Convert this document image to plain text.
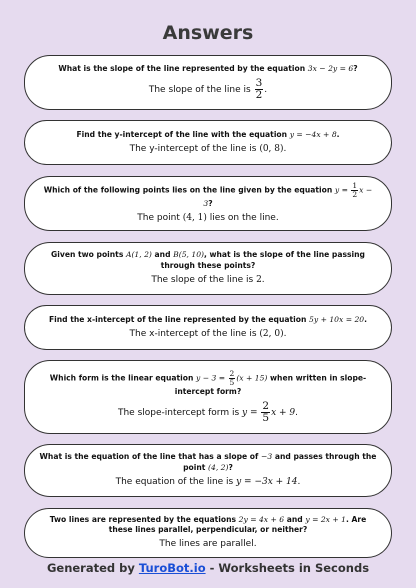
Answers
What is the slope of the line represented by the equation 3x − 2y = 6?
The slope of the line is $\frac{3}{2}$ .
Find the y-intercept of the line with the equation y = −4x + 8.
The y-intercept of the line is (0, 8).
Which of the following points lies on the line given by the equation $y = \frac{1}{2}$ x − 3?
The point (4, 1) lies on the line.
Given two points A(1, 2) and B(5, 10), what is the slope of the line passing through these points?
The slope of the line is 2.
Find the x-intercept of the line represented by the equation 5y + 10x = 20.
The x-intercept of the line is (2, 0).
Which form is the linear equation $y - 3 = \frac{2}{5} (x + 15)$ when written in slope-intercept form?
The slope-intercept form is $y = \frac{2}{5}$ x + 9.
What is the equation of the line that has a slope of −3 and passes through the point (4, 2)?
The equation of the line is y = −3x + 14.
Two lines are represented by the equations 2y = 4x + 6 and y = 2x + 1. Are these lines parallel, perpendicular, or neither?
The lines are parallel.
Generated by TuroBot.io - Worksheets in Seconds
